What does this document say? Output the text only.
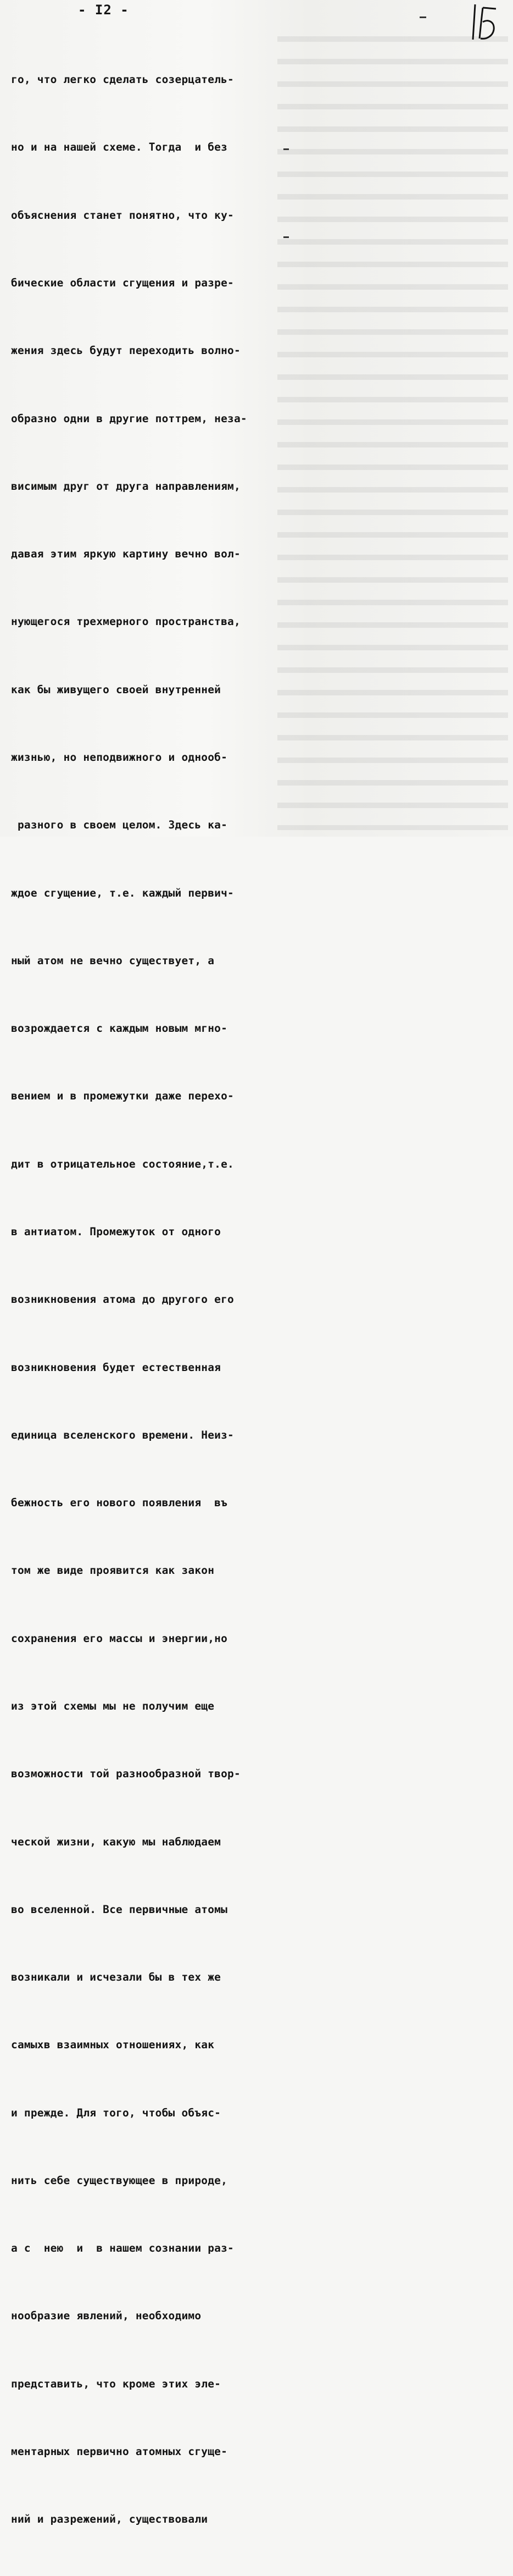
- I2 -

го, что легко сделать созерцатель-

но и на нашей схеме. Тогда  и без

объяснения станет понятно, что ку-

бические области сгущения и разре-

жения здесь будут переходить волно-

образно одни в другие поттрем, неза-

висимым друг от друга направлениям,

давая этим яркую картину вечно вол-

нующегося трехмерного пространства,

как бы живущего своей внутренней

жизнью, но неподвижного и однооб-

разного в своем целом. Здесь ка-

ждое сгущение, т.е. каждый первич-

ный атом не вечно существует, а

возрождается с каждым новым мгно-

вением и в промежутки даже перехо-

дит в отрицательное состояние,т.е.

в антиатом. Промежуток от одного

возникновения атома до другого его

возникновения будет естественная

единица вселенского времени. Неиз-

бежность его нового появления  въ

том же виде проявится как закон

сохранения его массы и энергии,но

из этой схемы мы не получим еще

возможности той разнообразной твор-

ческой жизни, какую мы наблюдаем

во вселенной. Все первичные атомы

возникали и исчезали бы в тех же

самыхв взаимных отношениях, как

и прежде. Для того, чтобы объяс-

нить себе существующее в природе,

а с  нею  и  в нашем сознании раз-

нообразие явлений, необходимо

представить, что кроме этих эле-

ментарных первично атомных сгуще-

ний и разрежений, существовали
